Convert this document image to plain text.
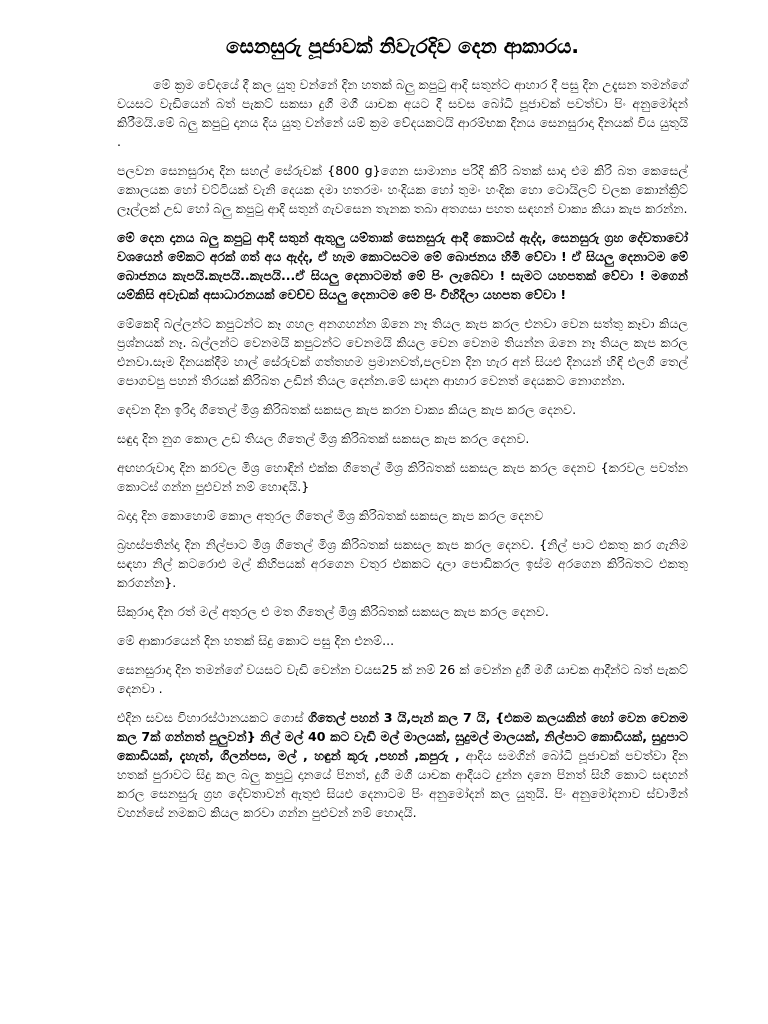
සෙනසුරු පූජාවක් නිවැරදිව දෙන ආකාරය.

මේ ක්‍රම වේදයේ දී කල යුතු වන්නේ දින හතක් බලු කපුටු ආදි සතුන්ට ආහාර දී පසු දින උදැසන තමන්ගේ වයසට වැඩියෙන් බත් පැකට් සකසා දුගී මගී යාචක අයට දී සවස බෝධි පූජාවක් පවත්වා පිං අනුමෝදන් කිරීමයි.මේ බලු කපුටු දානය දිය යුතු වන්නේ යම් ක්‍රම වේදයකටයි ආරම්භක දිනය සෙනසුරාදා දිනයක් විය යුතුයි .

පලවන සෙනසුරාදා දින සහල් සේරුවක් {800 g}ගෙන සාමාන්‍ය පරිදි කිරි බතක් සාදා එම කිරි බත කෙසෙල් කොලයක හෝ වට්ටියක් වැනි දෙයක දමා හතරමං හංදියක හෝ තුමං හංදික හො ටොයිලට් වලක කොන්ක්‍රිට් ලෑල්ලක් උඩ හෝ බලු කපුටු ආදි සතුන් ගැවසෙන තැනක තබා අතගසා පහත සඳහන් වාක්‍ය කියා කැප කරන්න.

මේ දෙන දානය බලු කපුටු ආදි සතුන් ඇතුලු යම්තාක් සෙනසුරු ආදී කොටස් ඇද්ද, සෙනසුරු ග්‍රහ දේවතාවෝ වශයෙන් මේකට අරක් ගත් අය ඇද්ද, ඒ හැම කොටසටම මේ බොජනය හිමි වේවා ! ඒ සියලු දෙනාටම මේ බොජනය කැපයි.කැපයි..කැපයි...ඒ සියලු දෙනාටමත් මේ පිං ලැබේවා ! සැමට යහපතක් වේවා ! මගෙන් යම්කිසි අවැඩක් අසාධාරනයක් වෙච්ච සියලු දෙනාටම මේ පිං විහිදිලා යහපත වේවා !

මේකෙදි බල්ලන්ට කපුටන්ට කෑ ගහල අනගහන්න ඕනෙ නෑ තියල කැප කරල එනවා වෙන සත්තු කෑවා කියල ප්‍රශ්නයක් නෑ. බල්ලන්ට වෙනමයි කපුටන්ට වෙනමයි කියල වෙන වෙනම තියන්න ඔනෙ නෑ තියල කැප කරල එනවා.සෑම දිනයක්දීම හාල් සේරුවක් ගත්තහම ප්‍රමානවත්,පලවන දින හැර අන් සියළු දිනයන් හිඳි එලගි තෙල් පොගවපු පහන් තිරයක් කිරිබත උඩින් තියල දෙන්න.මේ සාදන ආහාර වෙනත් දෙයකට නොගන්න.

දෙවන දින ඉරිදා ගිතෙල් මිශ්‍ර කිරිබතක් සකසල කැප කරන වාක්‍ය කියල කැප කරල දෙනව.

සඳුදා දින නුග කොල උඩ තියල ගිතෙල් මිශ්‍ර කිරිබතක් සකසල කැප කරල දෙනව.

අඟහරුවාදා දින කරවල මිශ්‍ර හොඳින් එක්ක ගිතෙල් මිශ්‍ර කිරිබතක් සකසල කැප කරල දෙනව {කරවල පවත්න කොටස් ගන්න පුළුවන් නම් හොඳයි.}

බදාදා දින කොහොම් කොල අතුරල ගිතෙල් මිශ්‍ර කිරිබතක් සකසල කැප කරල දෙනව

බ්‍රහස්පතින්දා දින නිල්පාට මිශ්‍ර ගිතෙල් මිශ්‍ර කිරිබතක් සකසල කැප කරල දෙනව. {නිල් පාට එකතු කර ගැනිම සඳහා නිල් කටරොළු මල් කිහිපයක් අරගෙන වතුර එකකට දාලා පොඩිකරල ඉස්ම අරගෙන කිරිබතට එකතු කරගන්න}.

සිකුරාදා දින රත් මල් අතුරල එ මත ගිතෙල් මිශ්‍ර කිරිබතක් සකසල කැප කරල දෙනව.

මේ ආකාරයෙන් දින හතක් සිදු කොට පසු දින එනම්...

සෙනසුරාදා දින තමන්ගේ වයසට වැඩි වෙන්න වයස25 ක් නම් 26 ක් වෙන්න දුගී මගී යාචක ආදීන්ට බත් පැකට් දෙනවා .

එදින සවස විහාරස්ථානයකට ගොස් ගිතෙල් පහන් 3 යි,පැන් කල 7 යි, {එකම කලයකින් හෝ වෙන වෙනම කල 7ක් ගන්නත් පුලුවන්} නිල් මල් 40 කට වැඩි මල් මාලයක්, සුදුමල් මාලයක්, නිල්පාට කොඩියක්, සුදුපාට කොඩියක්, දැහැත්, ගිලන්පස, මල් , හඳුන් කූරු ,පහන් ,කපුරු , ආදිය සමගින් බෝධි පූජාවක් පවත්වා දින හතක් පුරාවට සිදු කල බලු කපුටු දානයේ පිනත්, දුගී මගී යාචක ආදීයට දුන්න දානෙ පිනත් සිහි කොට සඳහන් කරල සෙනසුරු ග්‍රහ දේවතාවන් ඇතුළු සියළු දෙනාටම පිං අනුමෝදන් කල යුතුයි. පිං අනුමෝදනාව ස්වාමීන් වහන්සේ නමකට කියල කරවා ගන්න පුළුවන් නම් හොදයි.
